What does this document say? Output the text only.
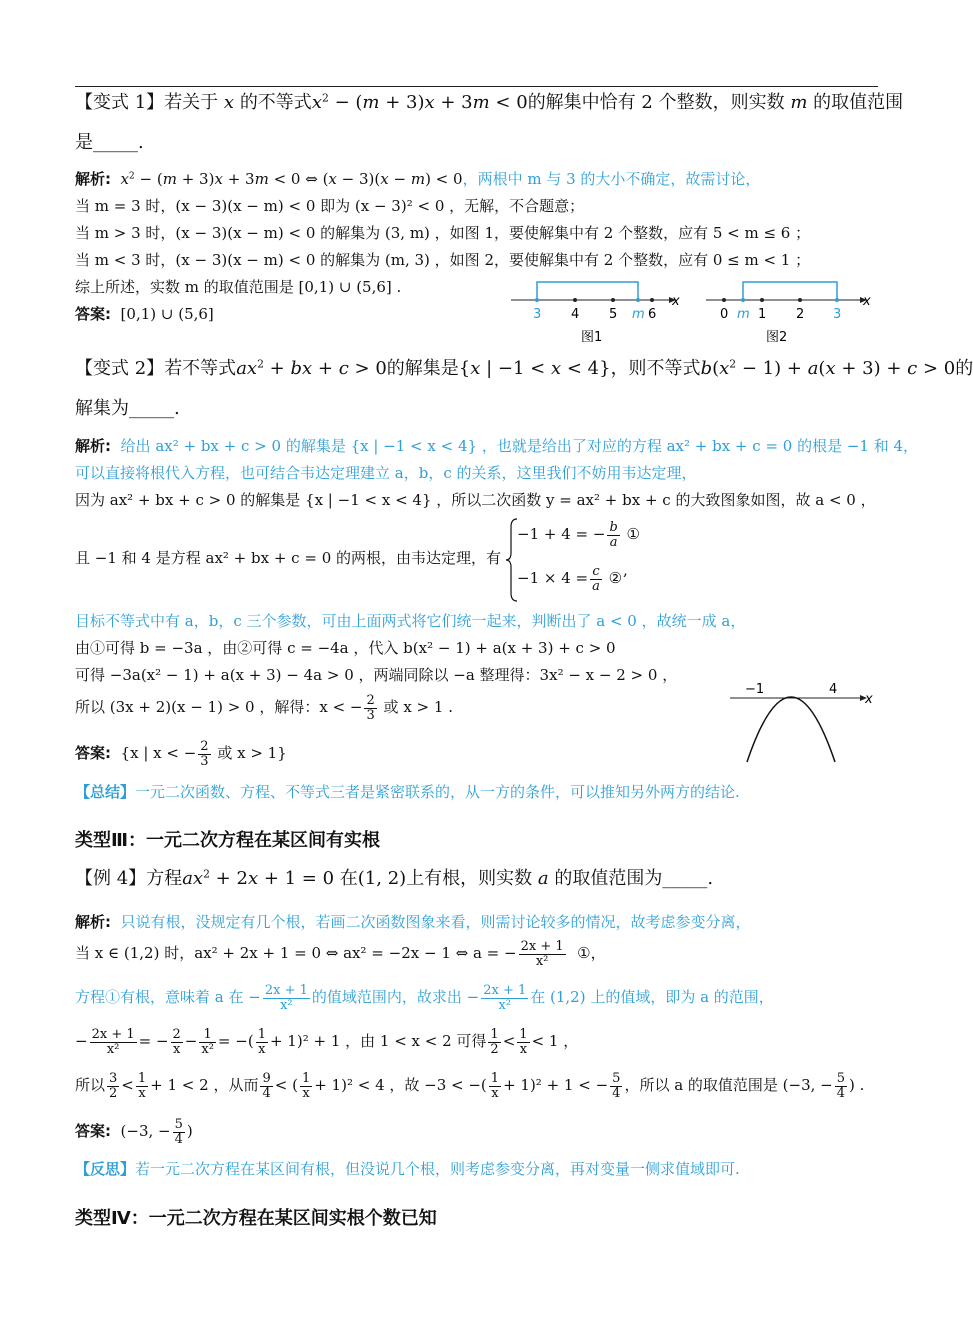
【变式 1】若关于 x 的不等式$x^2 - (m + 3)x + 3m < 0$的解集中恰有 2 个整数，则实数 m 的取值范围
是_____.
解析: $x^2 - (m + 3)x + 3m < 0$ ⇔ (x − 3)(x − m) < 0，两根中 m 与 3 的大小不确定，故需讨论，
当 m = 3 时，(x − 3)(x − m) < 0 即为 (x − 3)² < 0 ，无解，不合题意；
当 m > 3 时，(x − 3)(x − m) < 0 的解集为 (3, m) ，如图 1，要使解集中有 2 个整数，应有 5 < m ≤ 6 ；
当 m < 3 时，(x − 3)(x − m) < 0 的解集为 (m, 3) ，如图 2，要使解集中有 2 个整数，应有 0 ≤ m < 1 ；
综上所述，实数 m 的取值范围是 [0,1) ∪ (5,6] .
答案: [0,1) ∪ (5,6]
x
3 4 5 m 6
图1
x
0 m 1 2 3
图2
【变式 2】若不等式$ax^2$ + bx + c > 0的解集是{x | −1 < x < 4}，则不等式$b(x^2 - 1) + a(x + 3) + c > 0$的
解集为_____.
解析: 给出 ax² + bx + c > 0 的解集是 {x | −1 < x < 4} ，也就是给出了对应的方程 ax² + bx + c = 0 的根是 −1 和 4，
可以直接将根代入方程，也可结合韦达定理建立 a，b，c 的关系，这里我们不妨用韦达定理，
因为 ax² + bx + c > 0 的解集是 {x | −1 < x < 4} ，所以二次函数 y = ax² + bx + c 的大致图象如图，故 a < 0 ，
且 −1 和 4 是方程 ax² + bx + c = 0 的两根，由韦达定理，有
−1 + 4 = − $\frac{b}{a}$ ①
$-1 \times 4 = \frac{c}{a}$ ② ,
目标不等式中有 a，b，c 三个参数，可由上面两式将它们统一起来，判断出了 a < 0 ，故统一成 a，
由①可得 b = −3a ，由②可得 c = −4a ，代入 b(x² − 1) + a(x + 3) + c > 0
可得 −3a(x² − 1) + a(x + 3) − 4a > 0 ，两端同除以 −a 整理得：3x² − x − 2 > 0 ，
所以 (3x + 2)(x − 1) > 0 ，解得：x < − $\frac{2}{3}$ 或 x > 1 .
答案: {x | x < − $\frac{2}{3}$ 或 x > 1}
【总结】一元二次函数、方程、不等式三者是紧密联系的，从一方的条件，可以推知另外两方的结论.
x
−1	4
类型Ⅲ：一元二次方程在某区间有实根
【例 4】方程$ax^2 + 2x + 1 = 0$ 在(1, 2)上有根，则实数 a 的取值范围为_____.
解析: 只说有根，没规定有几个根，若画二次函数图象来看，则需讨论较多的情况，故考虑参变分离，
当 x ∈ (1,2) 时，ax² + 2x + 1 = 0 ⇔ ax² = −2x − 1 ⇔ a = − $\frac{2x + 1}{\text{x²}}$ ①，
方程①有根，意味着 a 在 − $\frac{2x + 1}{\text{x²}}$ 的值域范围内，故求出 − $\frac{2x + 1}{\text{x²}}$ 在 (1,2) 上的值域，即为 a 的范围，
− $\frac{2x + 1}{\text{x²}}$ = − $\frac{2}{x} - \frac{1}{\text{x²}}$ = −( $\frac{1}{x} + 1)^2 + 1$ ，由 1 < x < 2 可得 $\frac{1}{2} < \frac{1}{x} < 1$ ，
所以 $\frac{3}{2} < \frac{1}{x} + 1 < 2$ ，从而 $\frac{9}{4}$ < ( $\frac{1}{x} + 1)^2 < 4$ ，故 −3 < −( $\frac{1}{x} + 1)^2 + 1$ < − $\frac{5}{4}$ ，所以 a 的取值范围是 (−3, − $\frac{5}{4}$ ) .
答案: (−3, − $\frac{5}{4}$ )
【反思】若一元二次方程在某区间有根，但没说几个根，则考虑参变分离，再对变量一侧求值域即可.
类型Ⅳ：一元二次方程在某区间实根个数已知
